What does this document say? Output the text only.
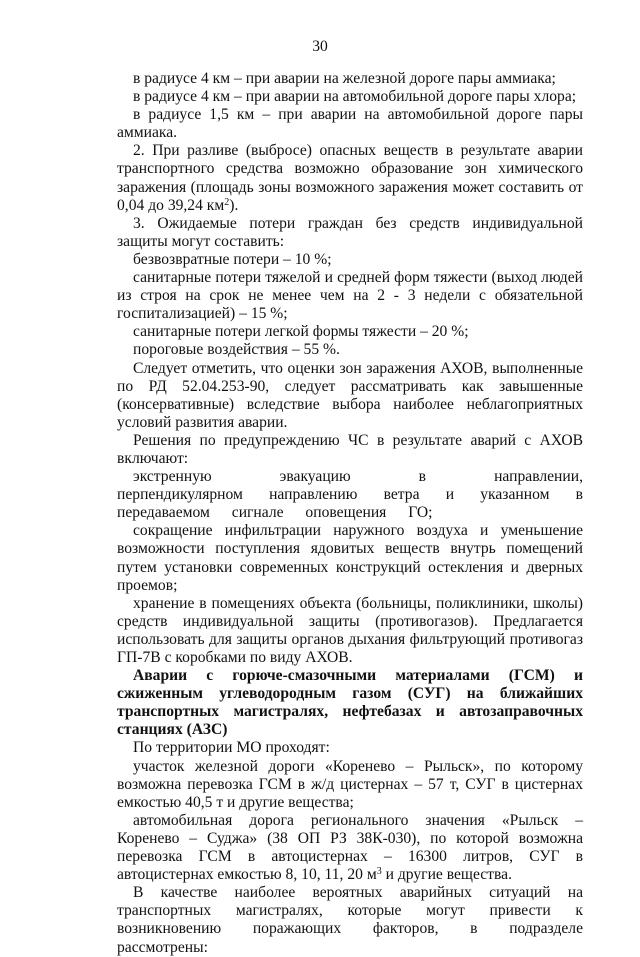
30

в радиусе 4 км – при аварии на железной дороге пары аммиака;

в радиусе 4 км – при аварии на автомобильной дороге пары хлора;

в радиусе 1,5 км – при аварии на автомобильной дороге пары аммиака.

2. При разливе (выбросе) опасных веществ в результате аварии транспортного средства возможно образование зон химического заражения (площадь зоны возможного заражения может составить от 0,04 до 39,24 $км^2$).

3. Ожидаемые потери граждан без средств индивидуальной защиты могут составить:

безвозвратные потери – 10 %;

санитарные потери тяжелой и средней форм тяжести (выход людей из строя на срок не менее чем на 2 - 3 недели с обязательной госпитализацией) – 15 %;

санитарные потери легкой формы тяжести – 20 %;

пороговые воздействия – 55 %.

Следует отметить, что оценки зон заражения АХОВ, выполненные по РД 52.04.253-90, следует рассматривать как завышенные (консервативные) вследствие выбора наиболее неблагоприятных условий развития аварии.

Решения по предупреждению ЧС в результате аварий с АХОВ включают:

экстренную эвакуацию в направлении, перпендикулярном направлению ветра и указанном в передаваемом сигнале оповещения ГО;

сокращение инфильтрации наружного воздуха и уменьшение возможности поступления ядовитых веществ внутрь помещений путем установки современных конструкций остекления и дверных проемов;

хранение в помещениях объекта (больницы, поликлиники, школы) средств индивидуальной защиты (противогазов). Предлагается использовать для защиты органов дыхания фильтрующий противогаз ГП-7В с коробками по виду АХОВ.

Аварии с горюче-смазочными материалами (ГСМ) и сжиженным углеводородным газом (СУГ) на ближайших транспортных магистралях, нефтебазах и автозаправочных станциях (АЗС)

По территории МО проходят:

участок железной дороги «Коренево – Рыльск», по которому возможна перевозка ГСМ в ж/д цистернах – 57 т, СУГ в цистернах емкостью 40,5 т и другие вещества;

автомобильная дорога регионального значения «Рыльск – Коренево – Суджа» (38 ОП РЗ 38К-030), по которой возможна перевозка ГСМ в автоцистернах – 16300 литров, СУГ в автоцистернах емкостью 8, 10, 11, 20 $м^3$ и другие вещества.

В качестве наиболее вероятных аварийных ситуаций на транспортных магистралях, которые могут привести к возникновению поражающих факторов, в подразделе рассмотрены:
